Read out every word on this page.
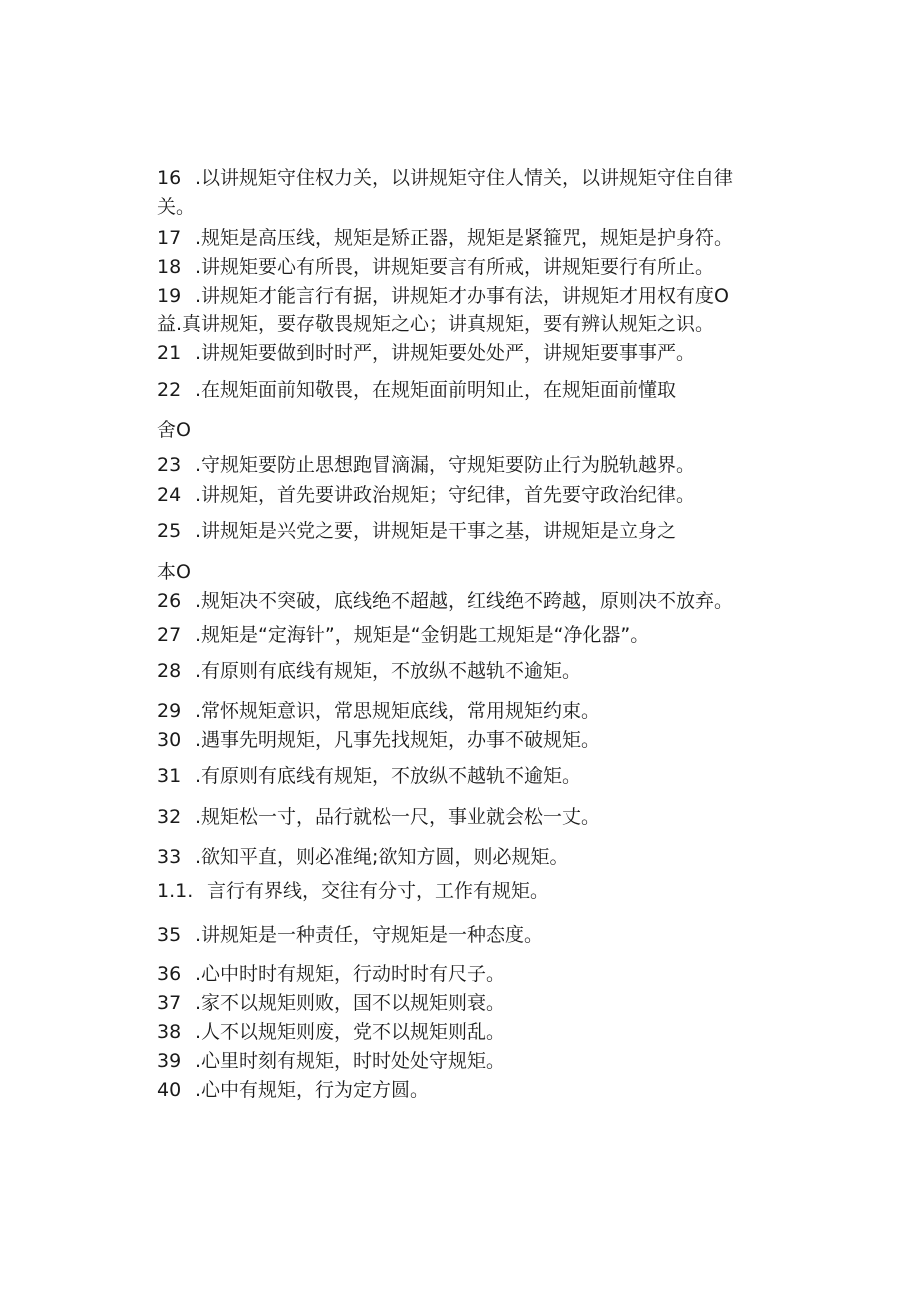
16 .以讲规矩守住权力关，以讲规矩守住人情关，以讲规矩守住自律
关。
17 .规矩是高压线，规矩是矫正器，规矩是紧箍咒，规矩是护身符。
18 .讲规矩要心有所畏，讲规矩要言有所戒，讲规矩要行有所止。
19 .讲规矩才能言行有据，讲规矩才办事有法，讲规矩才用权有度O
益.真讲规矩，要存敬畏规矩之心；讲真规矩，要有辨认规矩之识。
21 .讲规矩要做到时时严，讲规矩要处处严，讲规矩要事事严。
22 .在规矩面前知敬畏，在规矩面前明知止，在规矩面前懂取
舍O
23 .守规矩要防止思想跑冒滴漏，守规矩要防止行为脱轨越界。
24 .讲规矩，首先要讲政治规矩；守纪律，首先要守政治纪律。
25 .讲规矩是兴党之要，讲规矩是干事之基，讲规矩是立身之
本O
26 .规矩决不突破，底线绝不超越，红线绝不跨越，原则决不放弃。
27 .规矩是“定海针”，规矩是“金钥匙工规矩是“净化器”。
28 .有原则有底线有规矩，不放纵不越轨不逾矩。
29 .常怀规矩意识，常思规矩底线，常用规矩约束。
30 .遇事先明规矩，凡事先找规矩，办事不破规矩。
31 .有原则有底线有规矩，不放纵不越轨不逾矩。
32 .规矩松一寸，品行就松一尺，事业就会松一丈。
33 .欲知平直，则必准绳;欲知方圆，则必规矩。
1.1. 言行有界线，交往有分寸，工作有规矩。
35 .讲规矩是一种责任，守规矩是一种态度。
36 .心中时时有规矩，行动时时有尺子。
37 .家不以规矩则败，国不以规矩则衰。
38 .人不以规矩则废，党不以规矩则乱。
39 .心里时刻有规矩，时时处处守规矩。
40 .心中有规矩，行为定方圆。
